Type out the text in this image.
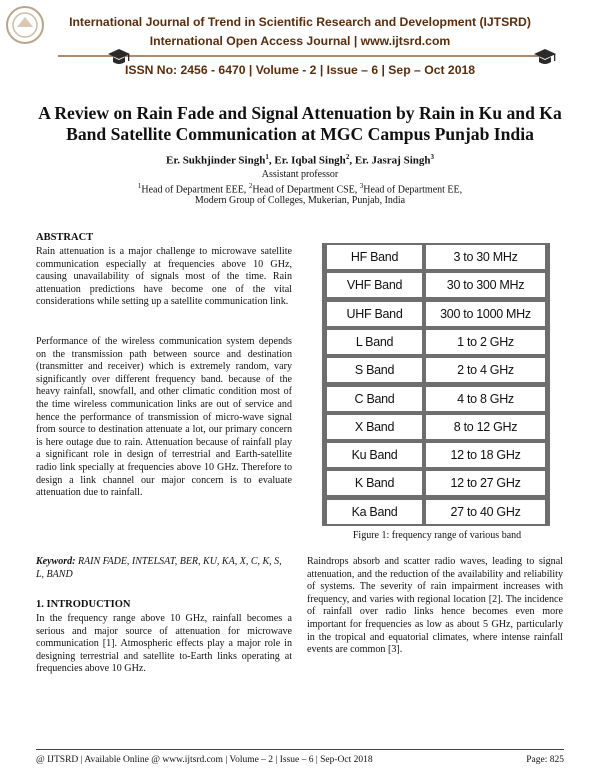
International Journal of Trend in Scientific Research and Development (IJTSRD)
International Open Access Journal | www.ijtsrd.com
ISSN No: 2456 - 6470 | Volume - 2 | Issue – 6 | Sep – Oct 2018
A Review on Rain Fade and Signal Attenuation by Rain in Ku and Ka
Band Satellite Communication at MGC Campus Punjab India
Er. Sukhjinder Singh$^1$, Er. Iqbal Singh$^2$, Er. Jasraj Singh$^3$
Assistant professor
$^1$Head of Department EEE, $^2$Head of Department CSE, $^3$Head of Department EE,
Modern Group of Colleges, Mukerian, Punjab, India
ABSTRACT
Rain attenuation is a major challenge to microwave satellite communication especially at frequencies above 10 GHz, causing unavailability of signals most of the time. Rain attenuation predictions have become one of the vital considerations while setting up a satellite communication link.
Performance of the wireless communication system depends on the transmission path between source and destination (transmitter and receiver) which is extremely random, vary significantly over different frequency band. because of the heavy rainfall, snowfall, and other climatic condition most of the time wireless communication links are out of service and hence the performance of transmission of micro-wave signal from source to destination attenuate a lot, our primary concern is here outage due to rain. Attenuation because of rainfall play a significant role in design of terrestrial and Earth-satellite radio link specially at frequencies above 10 GHz. Therefore to design a link channel our major concern is to evaluate attenuation due to rainfall.
Keyword: RAIN FADE, INTELSAT, BER, KU, KA, X, C, K, S, L, BAND
1. INTRODUCTION
In the frequency range above 10 GHz, rainfall becomes a serious and major source of attenuation for microwave communication [1]. Atmospheric effects play a major role in designing terrestrial and satellite to-Earth links operating at frequencies above 10 GHz.
Raindrops absorb and scatter radio waves, leading to signal attenuation, and the reduction of the availability and reliability of systems. The severity of rain impairment increases with frequency, and varies with regional location [2]. The incidence of rainfall over radio links hence becomes even more important for frequencies as low as about 5 GHz, particularly in the tropical and equatorial climates, where intense rainfall events are common [3].
HF Band	3 to 30 MHz
VHF Band	30 to 300 MHz
UHF Band	300 to 1000 MHz
L Band	1 to 2 GHz
S Band	2 to 4 GHz
C Band	4 to 8 GHz
X Band	8 to 12 GHz
Ku Band	12 to 18 GHz
K Band	12 to 27 GHz
Ka Band	27 to 40 GHz
Figure 1: frequency range of various band
@ IJTSRD | Available Online @ www.ijtsrd.com | Volume – 2 | Issue – 6 | Sep-Oct 2018	Page: 825
